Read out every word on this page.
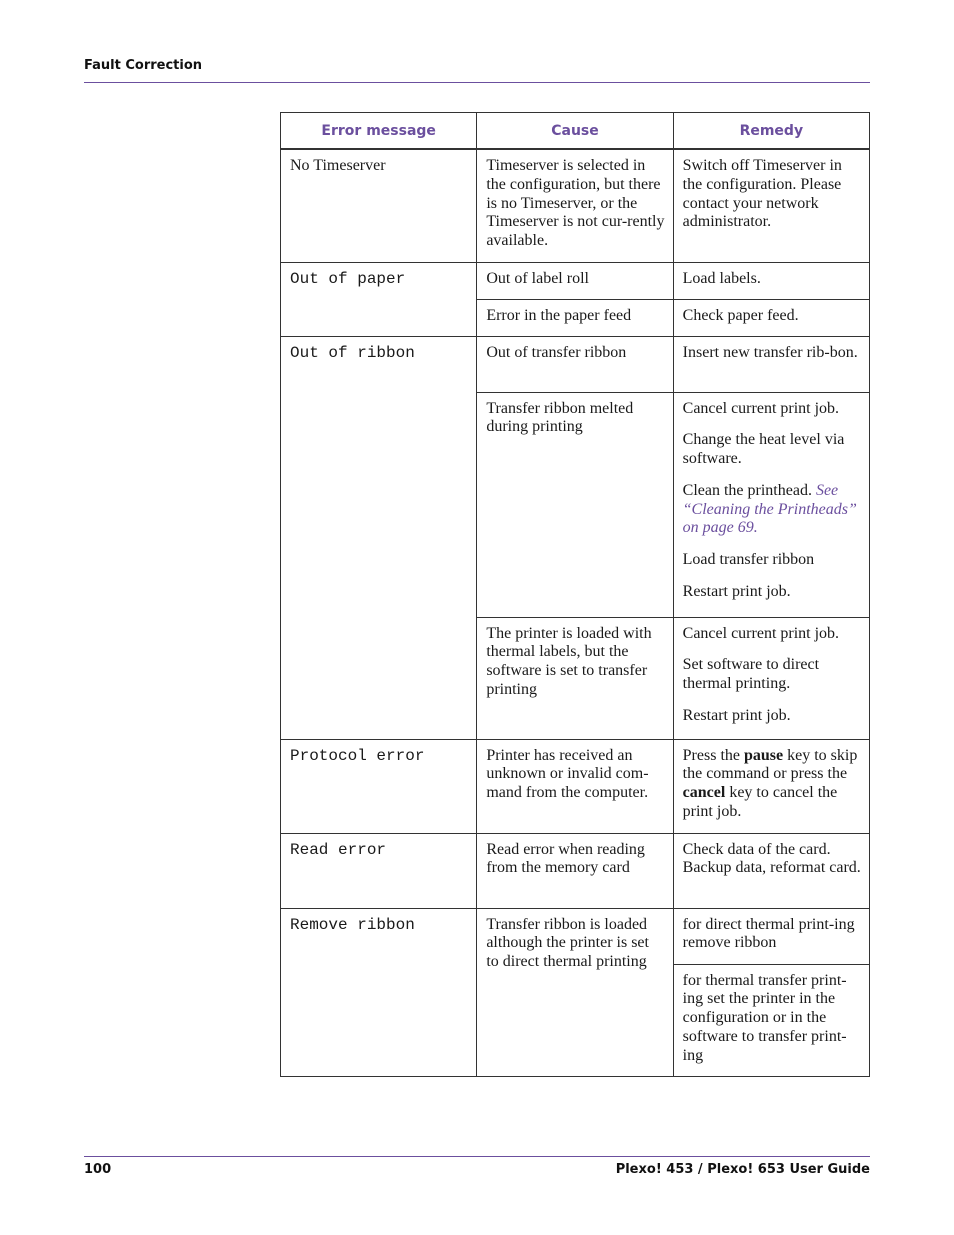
Fault Correction
Error message	Cause	Remedy
No Timeserver	Timeserver is selected in the configuration, but there is no Timeserver, or the Timeserver is not cur-rently available.	Switch off Timeserver in the configuration. Please contact your network administrator.
Out of paper	Out of label roll	Load labels.
	Error in the paper feed	Check paper feed.
Out of ribbon	Out of transfer ribbon	Insert new transfer rib-bon.
	Transfer ribbon melted during printing	Cancel current print job.
Change the heat level via software.
Clean the printhead. See “Cleaning the Printheads” on page 69.
Load transfer ribbon
Restart print job.

	The printer is loaded with thermal labels, but the software is set to transfer printing	Cancel current print job.
Set software to direct thermal printing.
Restart print job.

Protocol error	Printer has received an unknown or invalid com-mand from the computer.	Press the pause key to skip the command or press the cancel key to cancel the print job.
Read error	Read error when reading from the memory card	Check data of the card. Backup data, reformat card.
Remove ribbon	Transfer ribbon is loaded although the printer is set to direct thermal printing	for direct thermal print-ing remove ribbon
		for thermal transfer print-ing set the printer in the configuration or in the software to transfer print-ing
100	Plexo! 453 / Plexo! 653 User Guide
